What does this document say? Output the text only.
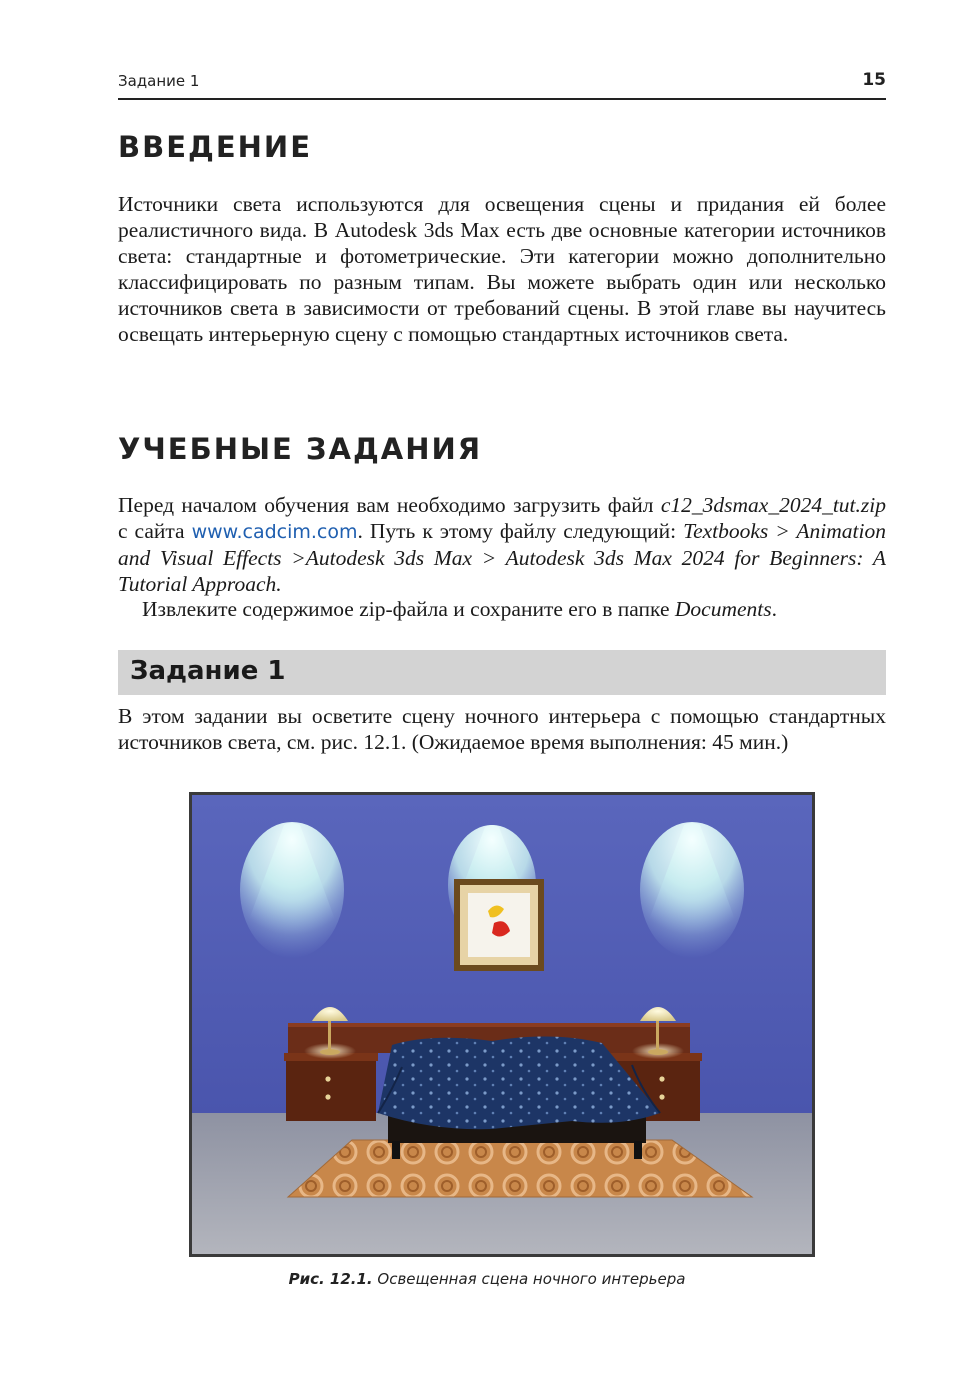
Задание 1	15
ВВЕДЕНИЕ

Источники света используются для освещения сцены и придания ей более реалистичного вида. В Autodesk 3ds Max есть две основные категории источников света: стандартные и фотометрические. Эти категории можно дополнительно классифицировать по разным типам. Вы можете выбрать один или несколько источников света в зависимости от требований сцены. В этой главе вы научитесь освещать интерьерную сцену с помощью стандартных источников света.

УЧЕБНЫЕ ЗАДАНИЯ

Перед началом обучения вам необходимо загрузить файл c12_3dsmax_2024_tut.zip с сайта www.cadcim.com. Путь к этому файлу следующий: Textbooks > Animation and Visual Effects >Autodesk 3ds Max > Autodesk 3ds Max 2024 for Beginners: A Tutorial Approach.

Извлеките содержимое zip-файла и сохраните его в папке Documents.

Задание 1

В этом задании вы осветите сцену ночного интерьера с помощью стандартных источников света, см. рис. 12.1. (Ожидаемое время выполнения: 45 мин.)

Рис. 12.1. Освещенная сцена ночного интерьера
